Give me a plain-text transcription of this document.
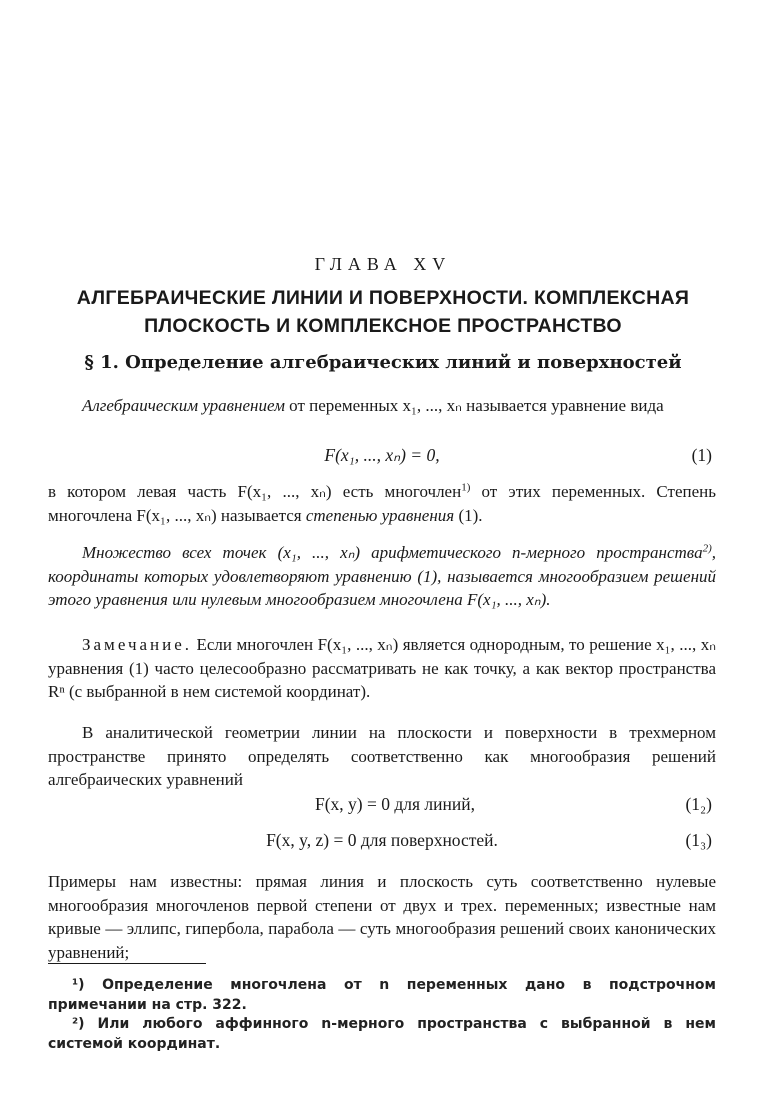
ГЛАВА XV
АЛГЕБРАИЧЕСКИЕ ЛИНИИ И ПОВЕРХНОСТИ. КОМПЛЕКСНАЯ
ПЛОСКОСТЬ И КОМПЛЕКСНОЕ ПРОСТРАНСТВО
§ 1. Определение алгебраических линий и поверхностей

Алгебраическим уравнением от переменных x₁, ..., xₙ называется уравнение вида

F(x₁, ..., xₙ) = 0,	(1)

в котором левая часть F(x₁, ..., xₙ) есть многочлен$^{1)}$ от этих переменных. Степень многочлена F(x₁, ..., xₙ) называется степенью уравнения (1).

Множество всех точек (x₁, ..., xₙ) арифметического n-мерного пространства$^{2)}$, координаты которых удовлетворяют уравнению (1), называется многообразием решений этого уравнения или нулевым многообразием многочлена F(x₁, ..., xₙ).

Замечание. Если многочлен F(x₁, ..., xₙ) является однородным, то решение x₁, ..., xₙ уравнения (1) часто целесообразно рассматривать не как точку, а как вектор пространства Rⁿ (с выбранной в нем системой координат).

В аналитической геометрии линии на плоскости и поверхности в трехмерном пространстве принято определять соответственно как многообразия решений алгебраических уравнений

F(x, y) = 0 для линий,	(1₂)
F(x, y, z) = 0 для поверхностей.	(1₃)

Примеры нам известны: прямая линия и плоскость суть соответственно нулевые многообразия многочленов первой степени от двух и трех. переменных; известные нам кривые — эллипс, гипербола, парабола — суть многообразия решений своих канонических уравнений;

¹) Определение многочлена от n переменных дано в подстрочном примечании на стр. 322.

²) Или любого аффинного n-мерного пространства с выбранной в нем системой координат.
